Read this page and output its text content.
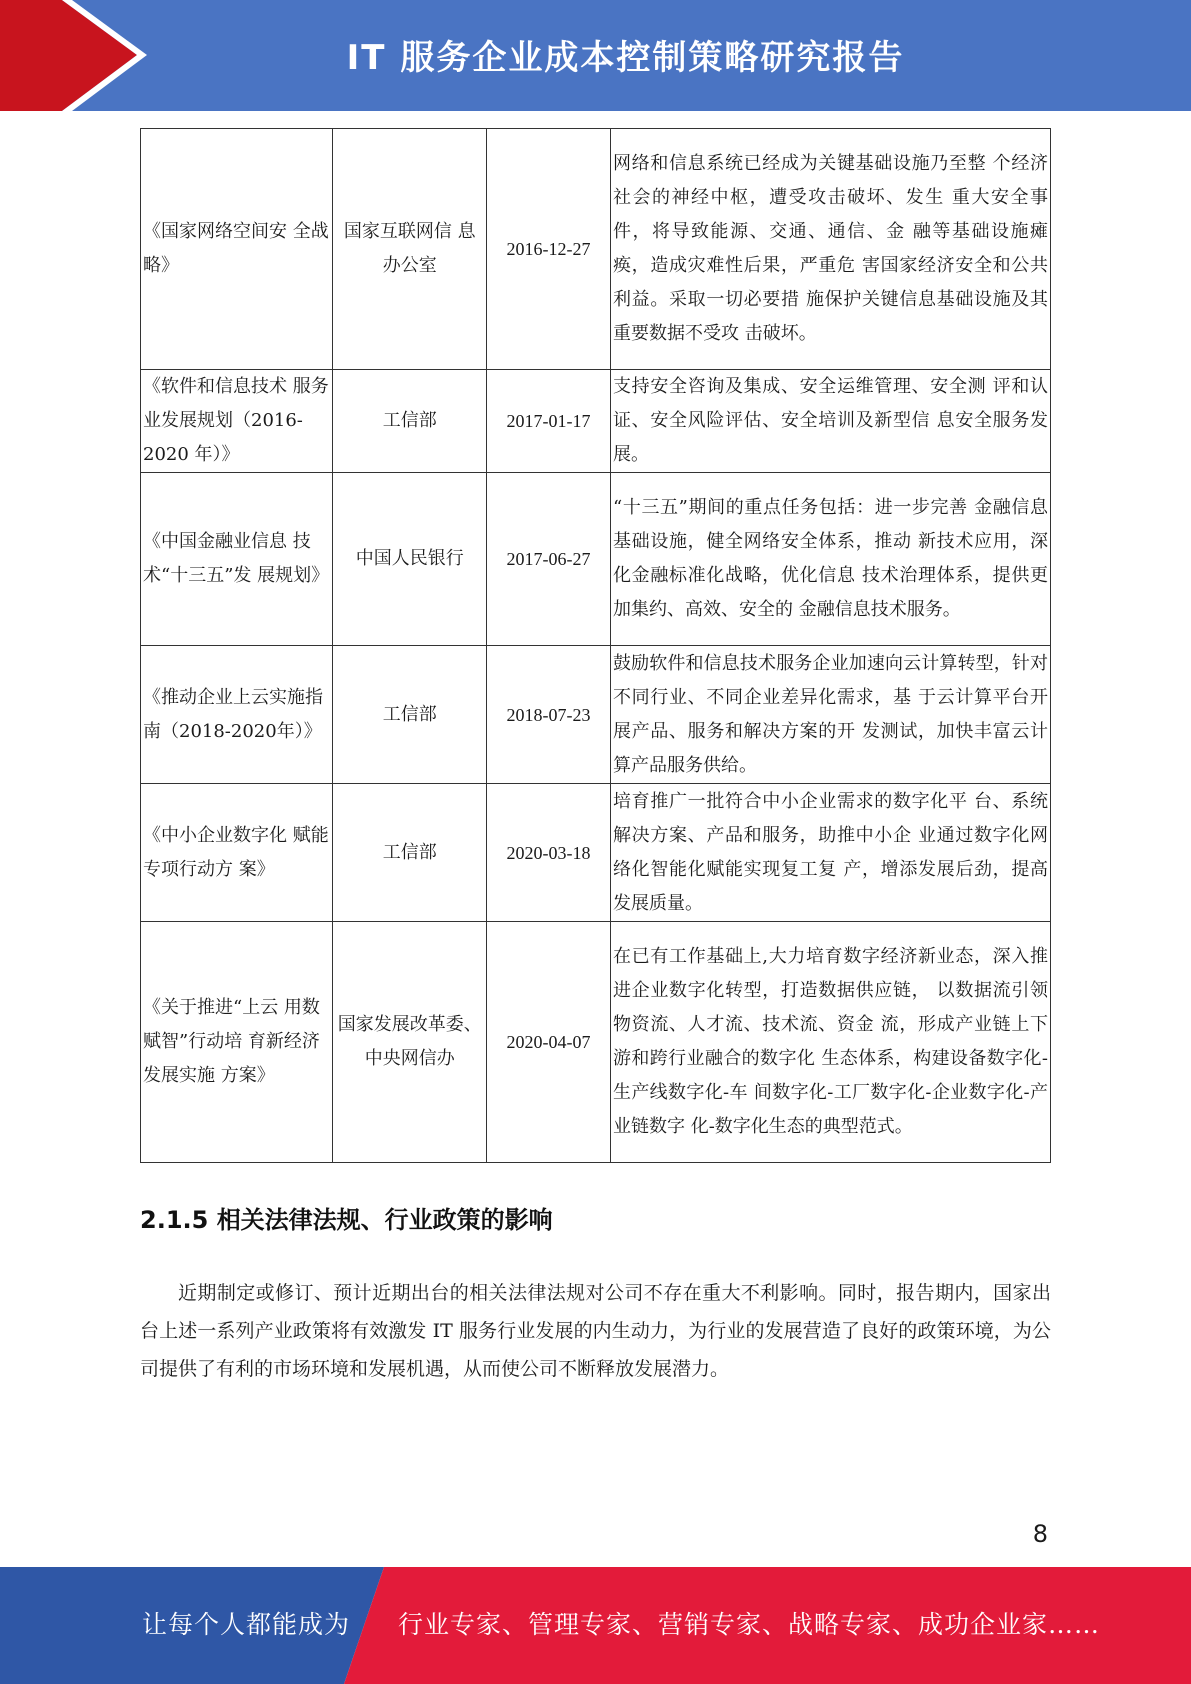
IT 服务企业成本控制策略研究报告
《国家网络空间安 全战略》	国家互联网信 息办公室	2016-12-27	网络和信息系统已经成为关键基础设施乃至整 个经济社会的神经中枢，遭受攻击破坏、发生 重大安全事件，将导致能源、交通、通信、金 融等基础设施瘫痪，造成灾难性后果，严重危 害国家经济安全和公共利益。采取一切必要措 施保护关键信息基础设施及其重要数据不受攻 击破坏。
《软件和信息技术 服务业发展规划（2016-2020 年）》	工信部	2017-01-17	支持安全咨询及集成、安全运维管理、安全测 评和认证、安全风险评估、安全培训及新型信 息安全服务发展。
《中国金融业信息 技术“十三五”发 展规划》	中国人民银行	2017-06-27	“十三五”期间的重点任务包括：进一步完善 金融信息基础设施，健全网络安全体系，推动 新技术应用，深化金融标准化战略，优化信息 技术治理体系，提供更加集约、高效、安全的 金融信息技术服务。
《推动企业上云实施指南（2018-2020年）》	工信部	2018-07-23	鼓励软件和信息技术服务企业加速向云计算转型，针对不同行业、不同企业差异化需求，基 于云计算平台开展产品、服务和解决方案的开 发测试，加快丰富云计算产品服务供给。
《中小企业数字化 赋能专项行动方 案》	工信部	2020-03-18	培育推广一批符合中小企业需求的数字化平 台、系统解决方案、产品和服务，助推中小企 业通过数字化网络化智能化赋能实现复工复 产，增添发展后劲，提高发展质量。
《关于推进“上云 用数赋智”行动培 育新经济发展实施 方案》	国家发展改革委、中央网信办	2020-04-07	在已有工作基础上,大力培育数字经济新业态，深入推进企业数字化转型，打造数据供应链， 以数据流引领物资流、人才流、技术流、资金 流，形成产业链上下游和跨行业融合的数字化 生态体系，构建设备数字化-生产线数字化-车 间数字化-工厂数字化-企业数字化-产业链数字 化-数字化生态的典型范式。
2.1.5 相关法律法规、行业政策的影响
近期制定或修订、预计近期出台的相关法律法规对公司不存在重大不利影响。同时，报告期内，国家出台上述一系列产业政策将有效激发 IT 服务行业发展的内生动力，为行业的发展营造了良好的政策环境，为公司提供了有利的市场环境和发展机遇，从而使公司不断释放发展潜力。
8
让每个人都能成为 行业专家、管理专家、营销专家、战略专家、成功企业家……
